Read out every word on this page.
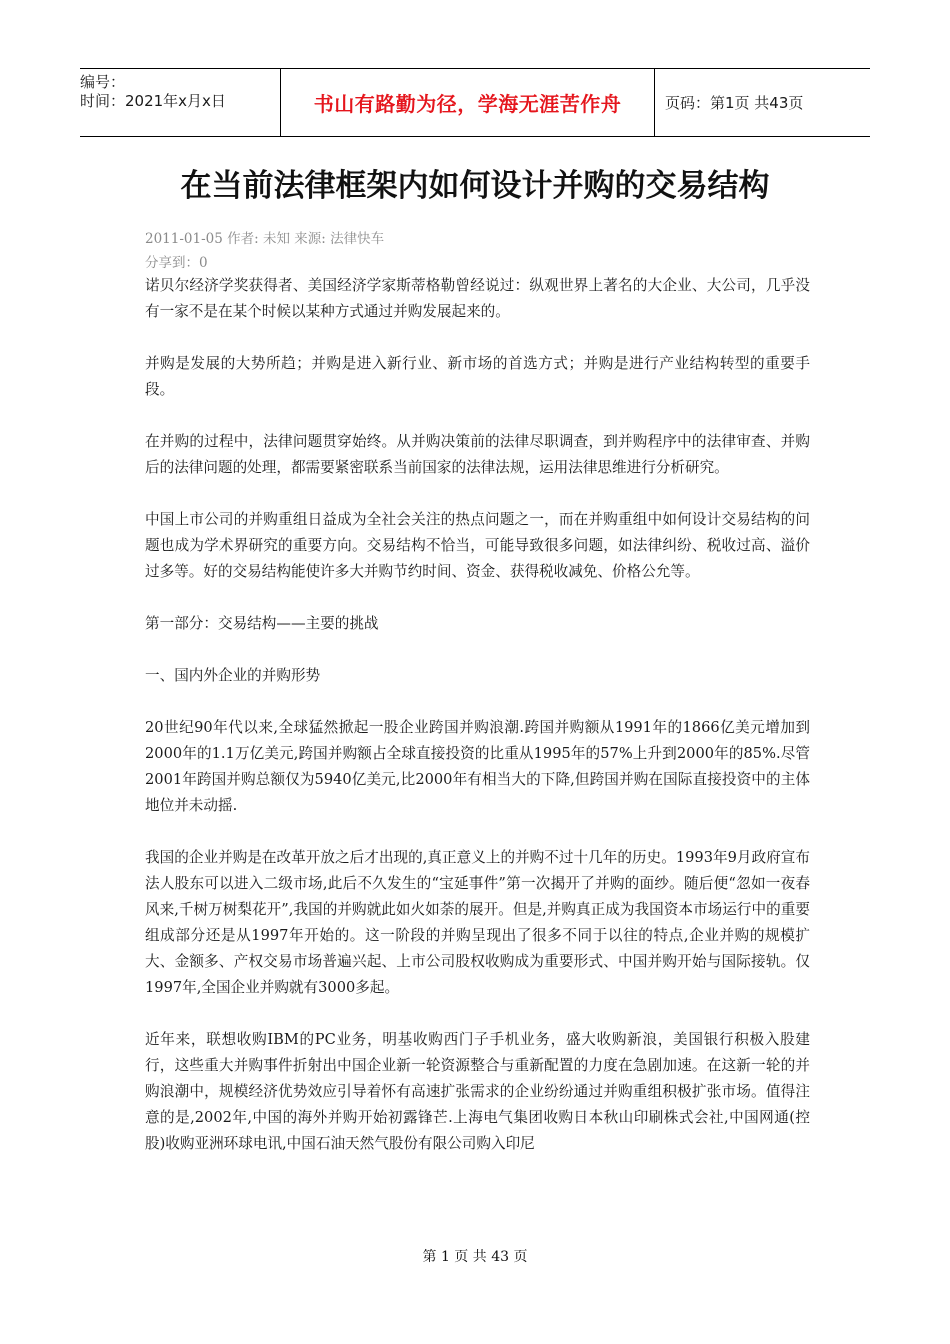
编号：
时间：2021年x月x日	书山有路勤为径，学海无涯苦作舟	页码：第1页 共43页
在当前法律框架内如何设计并购的交易结构
2011-01-05 作者: 未知 来源: 法律快车
分享到：0

诺贝尔经济学奖获得者、美国经济学家斯蒂格勒曾经说过：纵观世界上著名的大企业、大公司，几乎没有一家不是在某个时候以某种方式通过并购发展起来的。

并购是发展的大势所趋；并购是进入新行业、新市场的首选方式；并购是进行产业结构转型的重要手段。

在并购的过程中，法律问题贯穿始终。从并购决策前的法律尽职调查，到并购程序中的法律审查、并购后的法律问题的处理，都需要紧密联系当前国家的法律法规，运用法律思维进行分析研究。

中国上市公司的并购重组日益成为全社会关注的热点问题之一，而在并购重组中如何设计交易结构的问题也成为学术界研究的重要方向。交易结构不恰当，可能导致很多问题，如法律纠纷、税收过高、溢价过多等。好的交易结构能使许多大并购节约时间、资金、获得税收减免、价格公允等。

第一部分：交易结构——主要的挑战

一、国内外企业的并购形势

20世纪90年代以来,全球猛然掀起一股企业跨国并购浪潮.跨国并购额从1991年的1866亿美元增加到2000年的1.1万亿美元,跨国并购额占全球直接投资的比重从1995年的57%上升到2000年的85%.尽管2001年跨国并购总额仅为5940亿美元,比2000年有相当大的下降,但跨国并购在国际直接投资中的主体地位并未动摇.

我国的企业并购是在改革开放之后才出现的,真正意义上的并购不过十几年的历史。1993年9月政府宣布法人股东可以进入二级市场,此后不久发生的“宝延事件”第一次揭开了并购的面纱。随后便“忽如一夜春风来,千树万树梨花开”,我国的并购就此如火如荼的展开。但是,并购真正成为我国资本市场运行中的重要组成部分还是从1997年开始的。这一阶段的并购呈现出了很多不同于以往的特点,企业并购的规模扩大、金额多、产权交易市场普遍兴起、上市公司股权收购成为重要形式、中国并购开始与国际接轨。仅1997年,全国企业并购就有3000多起。

近年来，联想收购IBM的PC业务，明基收购西门子手机业务，盛大收购新浪，美国银行积极入股建行，这些重大并购事件折射出中国企业新一轮资源整合与重新配置的力度在急剧加速。在这新一轮的并购浪潮中，规模经济优势效应引导着怀有高速扩张需求的企业纷纷通过并购重组积极扩张市场。值得注意的是,2002年,中国的海外并购开始初露锋芒.上海电气集团收购日本秋山印刷株式会社,中国网通(控股)收购亚洲环球电讯,中国石油天然气股份有限公司购入印尼

第 1 页 共 43 页
